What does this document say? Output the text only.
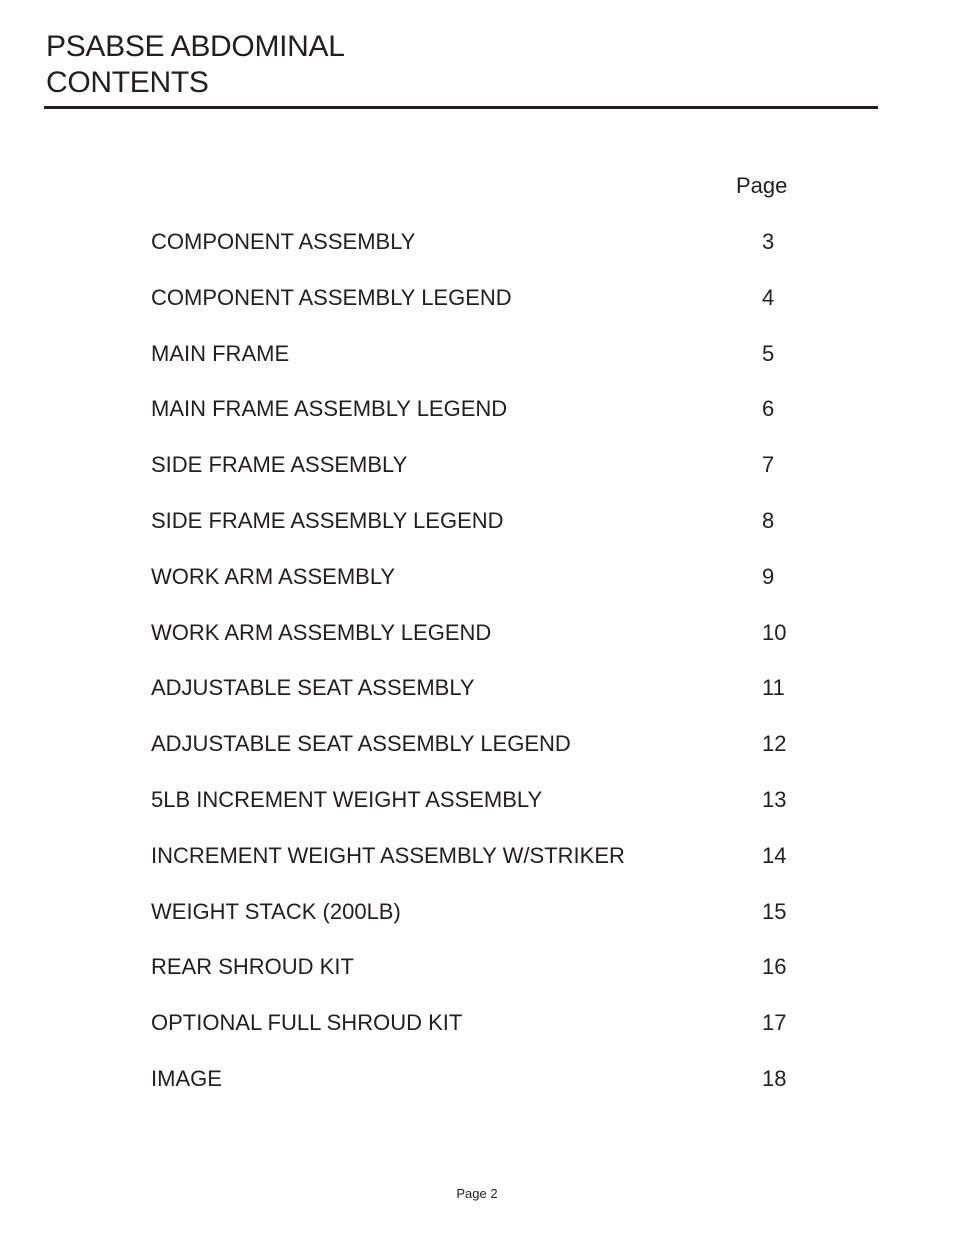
PSABSE ABDOMINAL
CONTENTS
Page
COMPONENT ASSEMBLY	3
COMPONENT ASSEMBLY LEGEND	4
MAIN FRAME	5
MAIN FRAME ASSEMBLY LEGEND	6
SIDE FRAME ASSEMBLY	7
SIDE FRAME ASSEMBLY LEGEND	8
WORK ARM ASSEMBLY	9
WORK ARM ASSEMBLY LEGEND	10
ADJUSTABLE SEAT ASSEMBLY	11
ADJUSTABLE SEAT ASSEMBLY LEGEND	12
5LB INCREMENT WEIGHT ASSEMBLY	13
INCREMENT WEIGHT ASSEMBLY W/STRIKER	14
WEIGHT STACK (200LB)	15
REAR SHROUD KIT	16
OPTIONAL FULL SHROUD KIT	17
IMAGE	18
Page 2
